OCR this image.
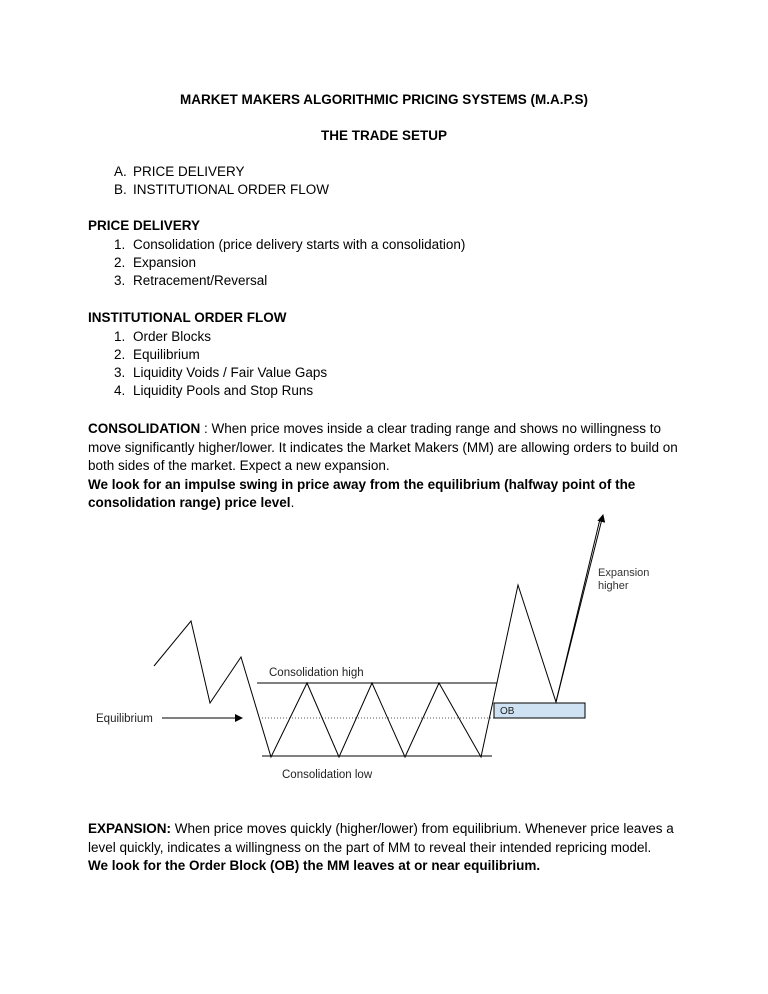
MARKET MAKERS ALGORITHMIC PRICING SYSTEMS (M.A.P.S)
THE TRADE SETUP
A. PRICE DELIVERY
B. INSTITUTIONAL ORDER FLOW
PRICE DELIVERY
1. Consolidation (price delivery starts with a consolidation)
2. Expansion
3. Retracement/Reversal
INSTITUTIONAL ORDER FLOW
1. Order Blocks
2. Equilibrium
3. Liquidity Voids / Fair Value Gaps
4. Liquidity Pools and Stop Runs
CONSOLIDATION : When price moves inside a clear trading range and shows no willingness to move significantly higher/lower. It indicates the Market Makers (MM) are allowing orders to build on both sides of the market. Expect a new expansion.
We look for an impulse swing in price away from the equilibrium (halfway point of the consolidation range) price level.
Expansion
higher
Consolidation high
Consolidation low
Equilibrium
OB
EXPANSION: When price moves quickly (higher/lower) from equilibrium. Whenever price leaves a level quickly, indicates a willingness on the part of MM to reveal their intended repricing model.
We look for the Order Block (OB) the MM leaves at or near equilibrium.
